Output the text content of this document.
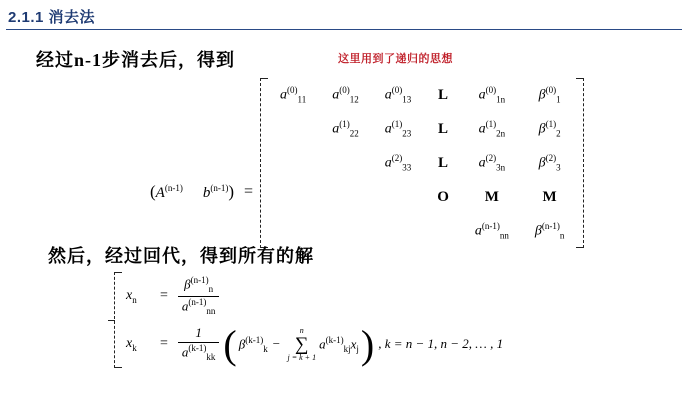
2.1.1 消去法
经过n-1步消去后，得到	这里用到了递归的思想
($A^{(n-1)}$ $b^{(n-1)}$) =
$a^{(0)}_{11}$	$a^{(0)}_{12}$	$a^{(0)}_{13}$	L	$a^{(0)}_{1n}$	$\beta^{(0)}_1$
	$a^{(1)}_{22}$	$a^{(1)}_{23}$	L	$a^{(1)}_{2n}$	$\beta^{(1)}_2$
		$a^{(2)}_{33}$	L	$a^{(2)}_{3n}$	$\beta^{(2)}_3$
			O	M	M
				$a^{(n-1)}_{nn}$	$\beta^{(n-1)}_n$
然后，经过回代，得到所有的解
$x_n$	= $\frac{\beta^{(n-1)}_n}{a^{(n-1)}_{nn}}$
$x_k$	= $\frac{1}{a^{(k-1)}_{kk}}$ ( $\beta^{(k-1)}_k$ −
n
∑
j = k + 1
$a^{(k-1)}_{kj}x_j$ ) , k = n − 1, n − 2, … , 1
